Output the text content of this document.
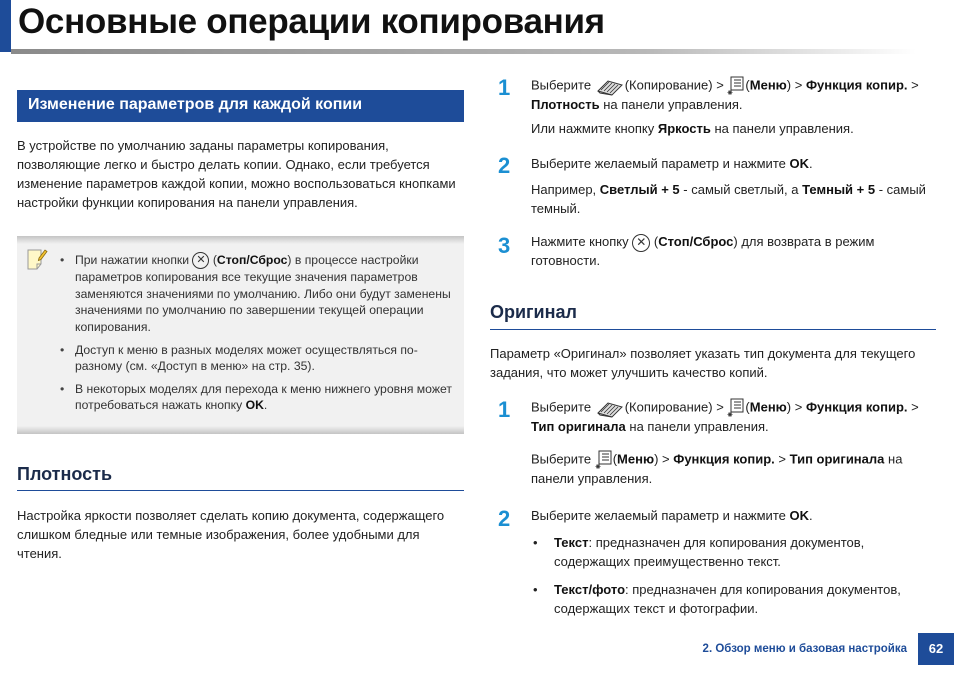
Основные операции копирования
Изменение параметров для каждой копии

В устройстве по умолчанию заданы параметры копирования, позволяющие легко и быстро делать копии. Однако, если требуется изменение параметров каждой копии, можно воспользоваться кнопками настройки функции копирования на панели управления.

• При нажатии кнопки ✕ (Стоп/Сброс) в процессе настройки параметров копирования все текущие значения параметров заменяются значениями по умолчанию. Либо они будут заменены значениями по умолчанию по завершении текущей операции копирования.
• Доступ к меню в разных моделях может осуществляться по-разному (см. «Доступ в меню» на стр. 35).
• В некоторых моделях для перехода к меню нижнего уровня может потребоваться нажать кнопку OK.
Плотность

Настройка яркости позволяет сделать копию документа, содержащего слишком бледные или темные изображения, более удобными для чтения.

1 Выберите	(Копирование) > (Меню) > Функция копир. > Плотность на панели управления.
Или нажмите кнопку Яркость на панели управления.
2 Выберите желаемый параметр и нажмите OK.
Например, Светлый + 5 - самый светлый, а Темный + 5 - самый темный.
3 Нажмите кнопку ✕ (Стоп/Сброс) для возврата в режим готовности.
Оригинал

Параметр «Оригинал» позволяет указать тип документа для текущего задания, что может улучшить качество копий.

1 Выберите	(Копирование) > (Меню) > Функция копир. > Тип оригинала на панели управления.
Выберите (Меню) > Функция копир. > Тип оригинала на панели управления.
2 Выберите желаемый параметр и нажмите OK.
• Текст: предназначен для копирования документов, содержащих преимущественно текст.
• Текст/фото: предназначен для копирования документов, содержащих текст и фотографии.
2. Обзор меню и базовая настройка	62
